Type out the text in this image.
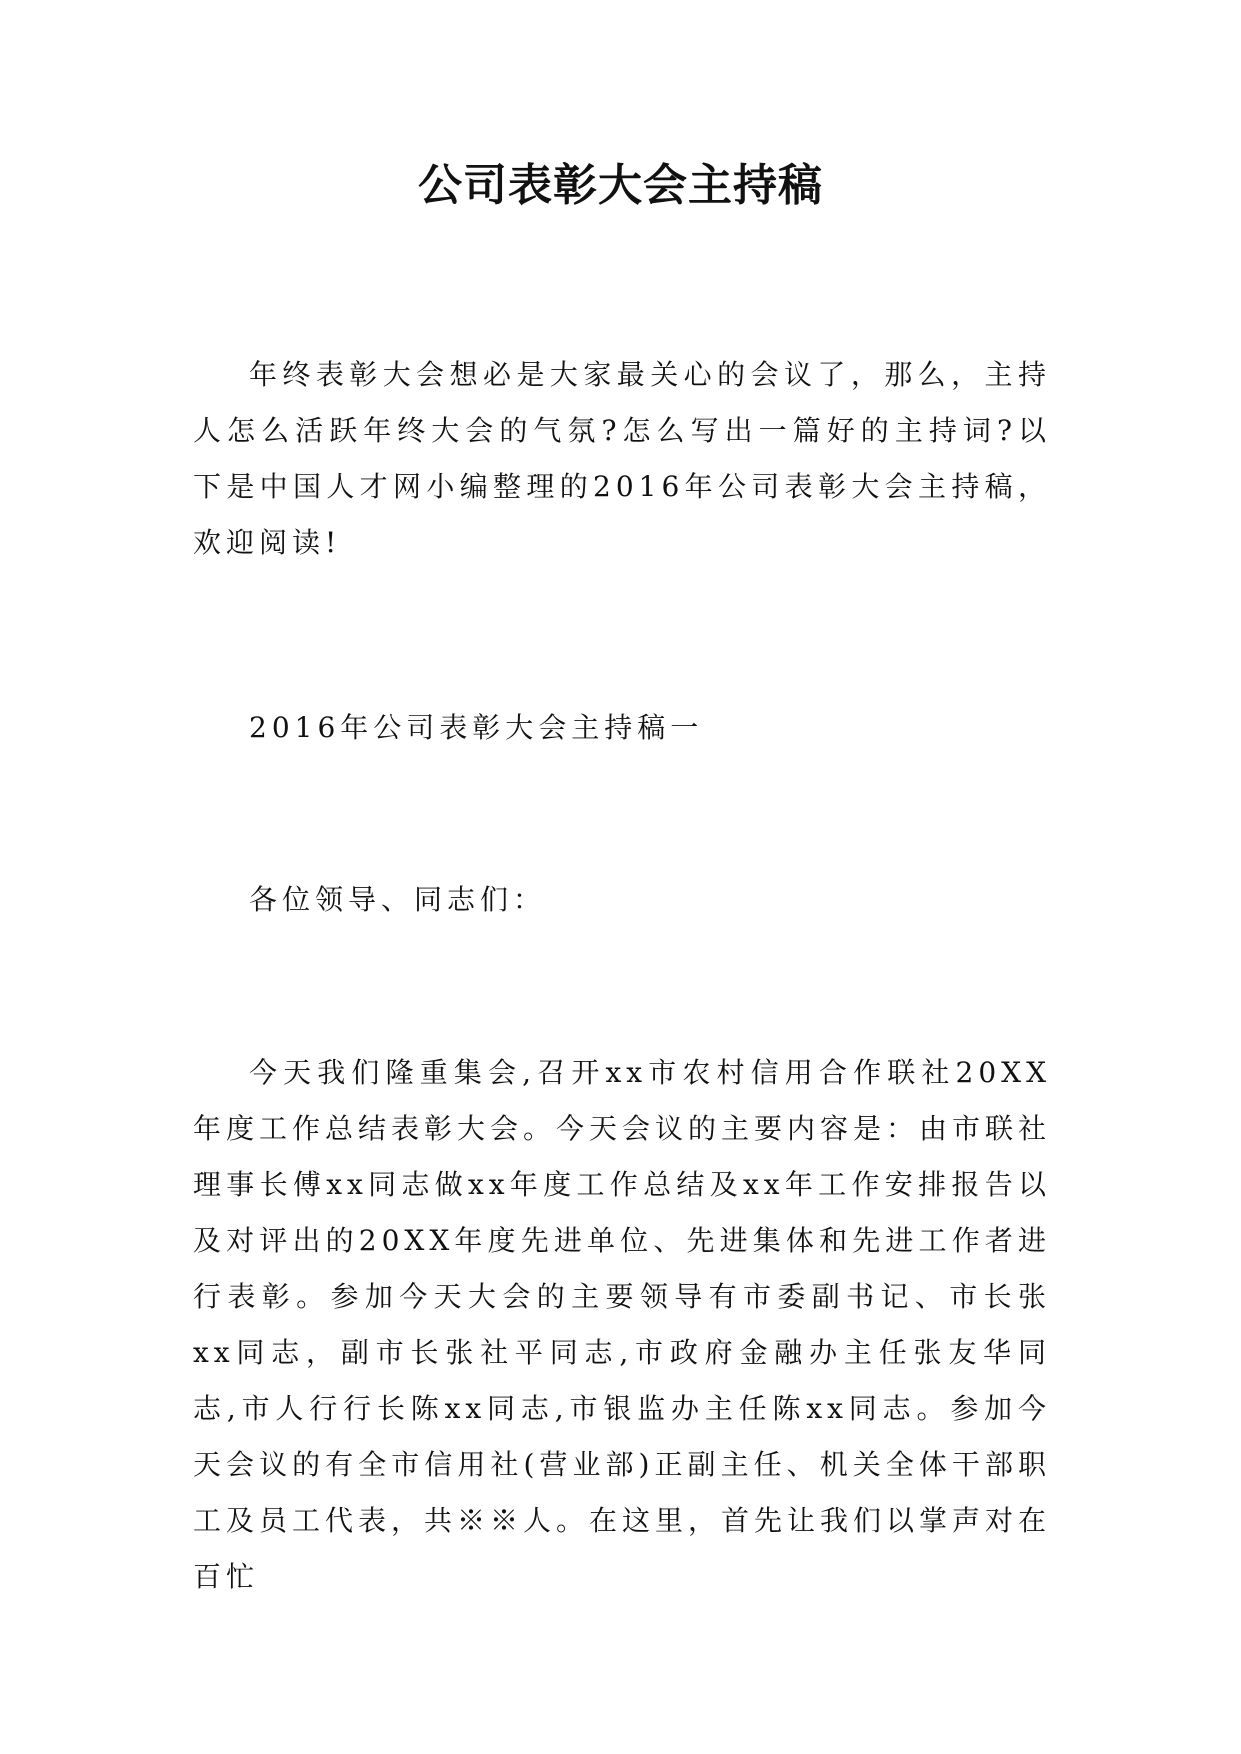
公司表彰大会主持稿

年终表彰大会想必是大家最关心的会议了，那么，主持人怎么活跃年终大会的气氛?怎么写出一篇好的主持词?以下是中国人才网小编整理的2016年公司表彰大会主持稿，欢迎阅读!

2016年公司表彰大会主持稿一

各位领导、同志们：

今天我们隆重集会,召开xx市农村信用合作联社20XX年度工作总结表彰大会。今天会议的主要内容是：由市联社理事长傅xx同志做xx年度工作总结及xx年工作安排报告以及对评出的20XX年度先进单位、先进集体和先进工作者进行表彰。参加今天大会的主要领导有市委副书记、市长张xx同志，副市长张社平同志,市政府金融办主任张友华同志,市人行行长陈xx同志,市银监办主任陈xx同志。参加今天会议的有全市信用社(营业部)正副主任、机关全体干部职工及员工代表，共※※人。在这里，首先让我们以掌声对在百忙
